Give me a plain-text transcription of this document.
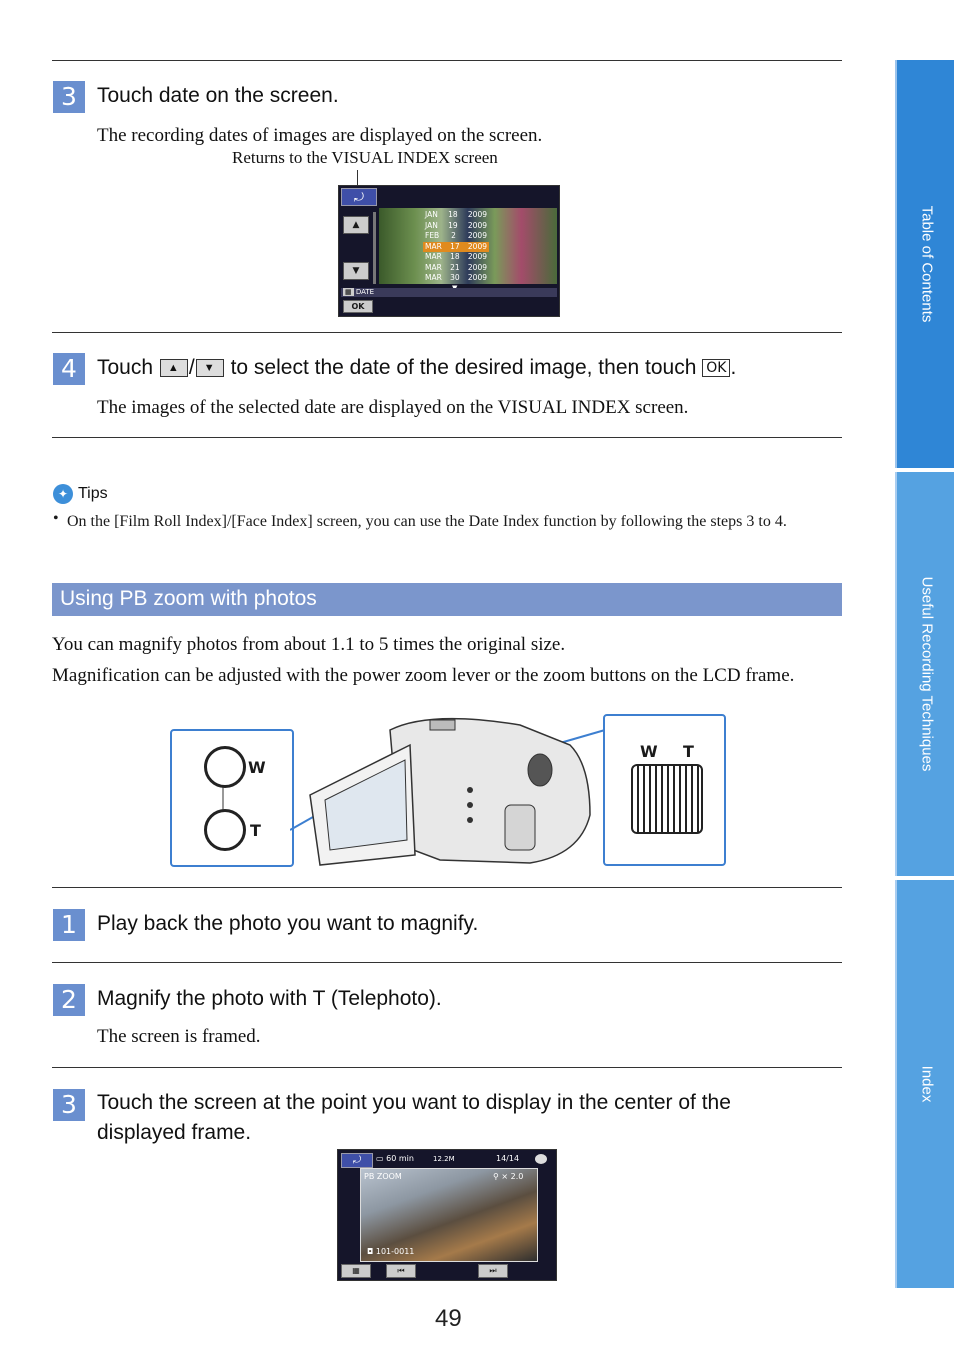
Table of Contents
Useful Recording Techniques
Index
3 Touch date on the screen.
The recording dates of images are displayed on the screen.
Returns to the VISUAL INDEX screen
⤾
▲
▼
JAN 18 2009
JAN 19 2009
FEB 2 2009
MAR 17 2009
MAR 18 2009
MAR 21 2009
MAR 30 2009
▦ DATE
OK
4 Touch ▲ / ▼ to select the date of the desired image, then touch OK .
The images of the selected date are displayed on the VISUAL INDEX screen.
✦ Tips
• On the [Film Roll Index]/[Face Index] screen, you can use the Date Index function by following the steps 3 to 4.
Using PB zoom with photos
You can magnify photos from about 1.1 to 5 times the original size.
Magnification can be adjusted with the power zoom lever or the zoom buttons on the LCD frame.
W
T
W T
1 Play back the photo you want to magnify.
2 Magnify the photo with T (Telephoto).
The screen is framed.
3 Touch the screen at the point you want to display in the center of the
displayed frame.
⤾	▭ 60 min	12.2M	14/14
PB ZOOM	⚲ × 2.0
◘ 101-0011
▦	⏮	⏭
49
